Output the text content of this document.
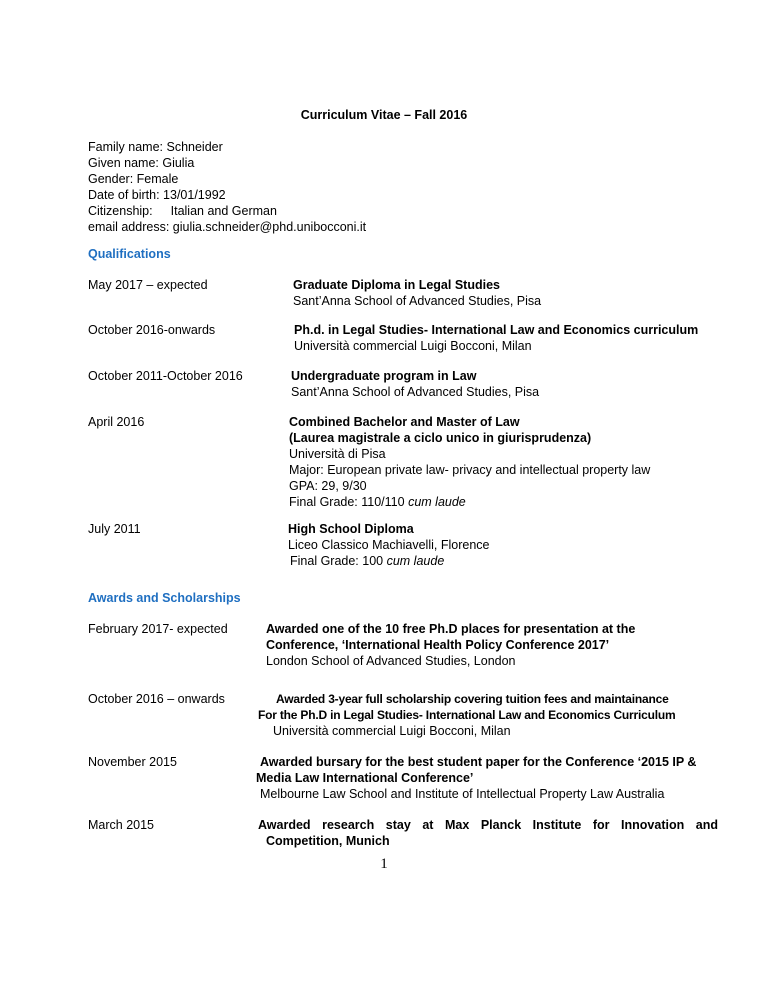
Curriculum Vitae – Fall 2016
Family name: Schneider
Given name: Giulia
Gender: Female
Date of birth: 13/01/1992
Citizenship: Italian and German
email address: giulia.schneider@phd.unibocconi.it
Qualifications
May 2017 – expected	Graduate Diploma in Legal Studies
Sant’Anna School of Advanced Studies, Pisa
October 2016-onwards	Ph.d. in Legal Studies- International Law and Economics curriculum
Università commercial Luigi Bocconi, Milan
October 2011-October 2016	Undergraduate program in Law
Sant’Anna School of Advanced Studies, Pisa
April 2016	Combined Bachelor and Master of Law
(Laurea magistrale a ciclo unico in giurisprudenza)
Università di Pisa
Major: European private law- privacy and intellectual property law
GPA: 29, 9/30
Final Grade: 110/110 cum laude
July 2011	High School Diploma
Liceo Classico Machiavelli, Florence
Final Grade: 100 cum laude
Awards and Scholarships
February 2017- expected	Awarded one of the 10 free Ph.D places for presentation at the
Conference, ‘International Health Policy Conference 2017’
London School of Advanced Studies, London
October 2016 – onwards	Awarded 3-year full scholarship covering tuition fees and maintainance
For the Ph.D in Legal Studies- International Law and Economics Curriculum
Università commercial Luigi Bocconi, Milan
November 2015	Awarded bursary for the best student paper for the Conference ‘2015 IP &
Media Law International Conference’
Melbourne Law School and Institute of Intellectual Property Law Australia
March 2015	Awarded research stay at Max Planck Institute for Innovation and
Competition, Munich
1
